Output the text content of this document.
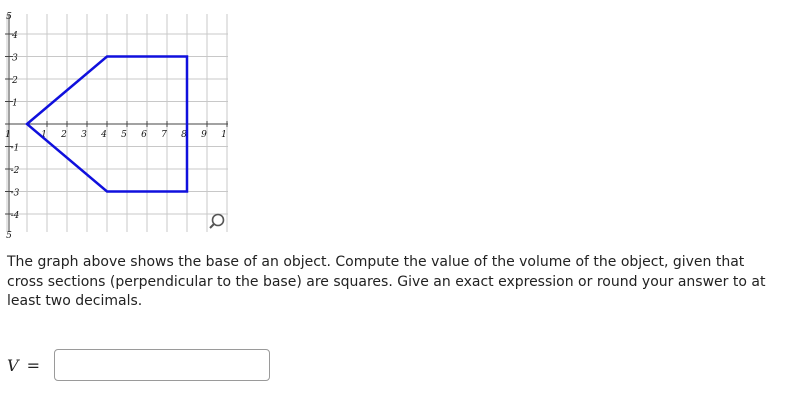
1 2 3 4 5 6 7 8 9 1
1
4
3
2
1
-1
-2
-3
-4
5
5

The graph above shows the base of an object. Compute the value of the volume of the object, given that cross sections (perpendicular to the base) are squares. Give an exact expression or round your answer to at least two decimals.

V =
